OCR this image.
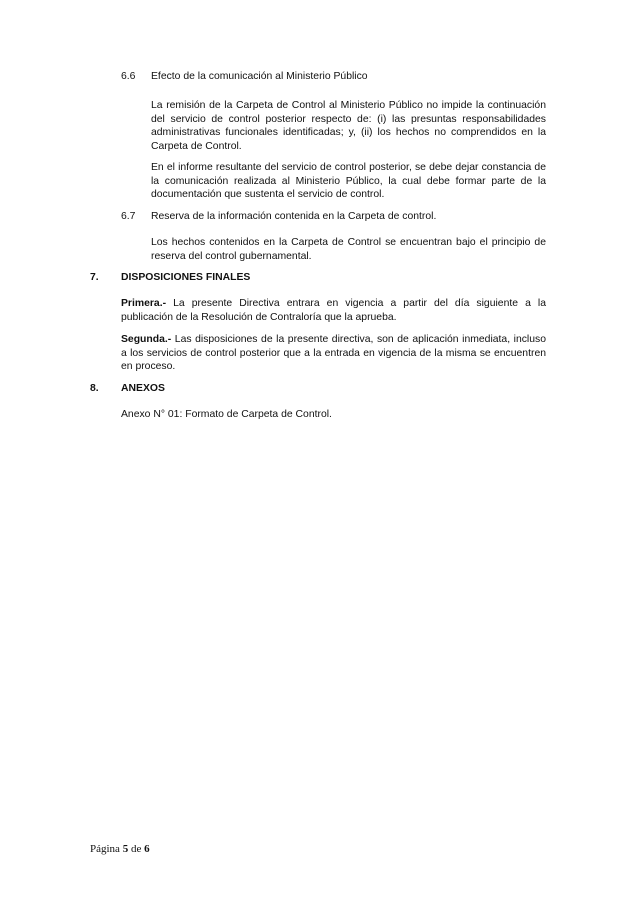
6.6 Efecto de la comunicación al Ministerio Público

La remisión de la Carpeta de Control al Ministerio Público no impide la continuación del servicio de control posterior respecto de: (i) las presuntas responsabilidades administrativas funcionales identificadas; y, (ii) los hechos no comprendidos en la Carpeta de Control.

En el informe resultante del servicio de control posterior, se debe dejar constancia de la comunicación realizada al Ministerio Público, la cual debe formar parte de la documentación que sustenta el servicio de control.

6.7 Reserva de la información contenida en la Carpeta de control.

Los hechos contenidos en la Carpeta de Control se encuentran bajo el principio de reserva del control gubernamental.

7. DISPOSICIONES FINALES

Primera.- La presente Directiva entrara en vigencia a partir del día siguiente a la publicación de la Resolución de Contraloría que la aprueba.

Segunda.- Las disposiciones de la presente directiva, son de aplicación inmediata, incluso a los servicios de control posterior que a la entrada en vigencia de la misma se encuentren en proceso.

8. ANEXOS
Anexo N° 01: Formato de Carpeta de Control.
Página 5 de 6
